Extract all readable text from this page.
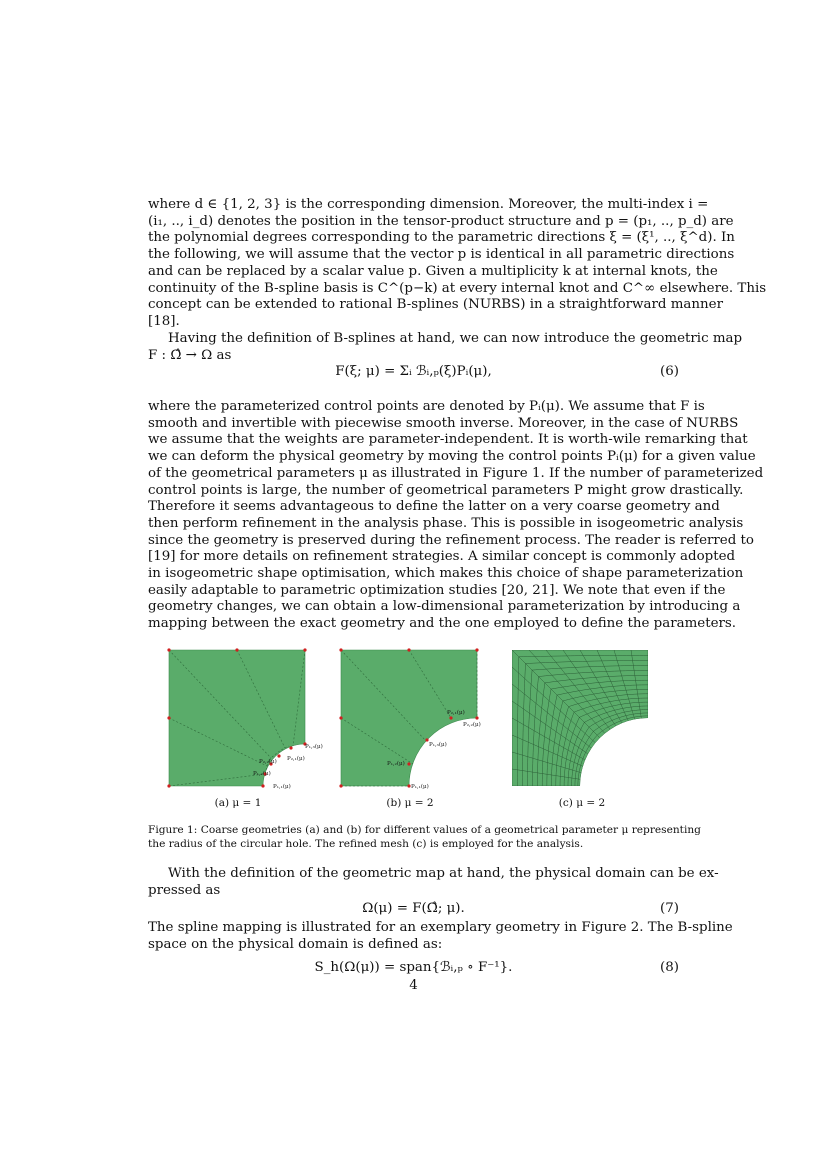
where d ∈ {1, 2, 3} is the corresponding dimension. Moreover, the multi-index i =
(i₁, .., i_d) denotes the position in the tensor-product structure and p = (p₁, .., p_d) are
the polynomial degrees corresponding to the parametric directions ξ = (ξ¹, .., ξ^d). In
the following, we will assume that the vector p is identical in all parametric directions
and can be replaced by a scalar value p. Given a multiplicity k at internal knots, the
continuity of the B-spline basis is C^(p−k) at every internal knot and C^∞ elsewhere. This
concept can be extended to rational B-splines (NURBS) in a straightforward manner
[18].
Having the definition of B-splines at hand, we can now introduce the geometric map
F : Ω̂ → Ω as
F(ξ; μ) = Σᵢ ℬᵢ,ₚ(ξ)Pᵢ(μ),	(6)
where the parameterized control points are denoted by Pᵢ(μ). We assume that F is
smooth and invertible with piecewise smooth inverse. Moreover, in the case of NURBS
we assume that the weights are parameter-independent. It is worth-wile remarking that
we can deform the physical geometry by moving the control points Pᵢ(μ) for a given value
of the geometrical parameters μ as illustrated in Figure 1. If the number of parameterized
control points is large, the number of geometrical parameters P might grow drastically.
Therefore it seems advantageous to define the latter on a very coarse geometry and
then perform refinement in the analysis phase. This is possible in isogeometric analysis
since the geometry is preserved during the refinement process. The reader is referred to
[19] for more details on refinement strategies. A similar concept is commonly adopted
in isogeometric shape optimisation, which makes this choice of shape parameterization
easily adaptable to parametric optimization studies [20, 21]. We note that even if the
geometry changes, we can obtain a low-dimensional parameterization by introducing a
mapping between the exact geometry and the one employed to define the parameters.
P₁,₁(μ)
P₁,₂(μ)
P₂,₂(μ)
P₁,₃(μ)
P₂,₁(μ)
(a) μ = 1
P₁,₁(μ)
P₁,₂(μ)
P₁,₃(μ)
P₂,₁(μ)
P₂,₂(μ)
(b) μ = 2	(c) μ = 2
Figure 1: Coarse geometries (a) and (b) for different values of a geometrical parameter μ representing
the radius of the circular hole. The refined mesh (c) is employed for the analysis.
With the definition of the geometric map at hand, the physical domain can be ex-
pressed as
Ω(μ) = F(Ω̂; μ).	(7)
The spline mapping is illustrated for an exemplary geometry in Figure 2. The B-spline
space on the physical domain is defined as:
S_h(Ω(μ)) = span{ℬᵢ,ₚ ∘ F⁻¹}.	(8)
4
